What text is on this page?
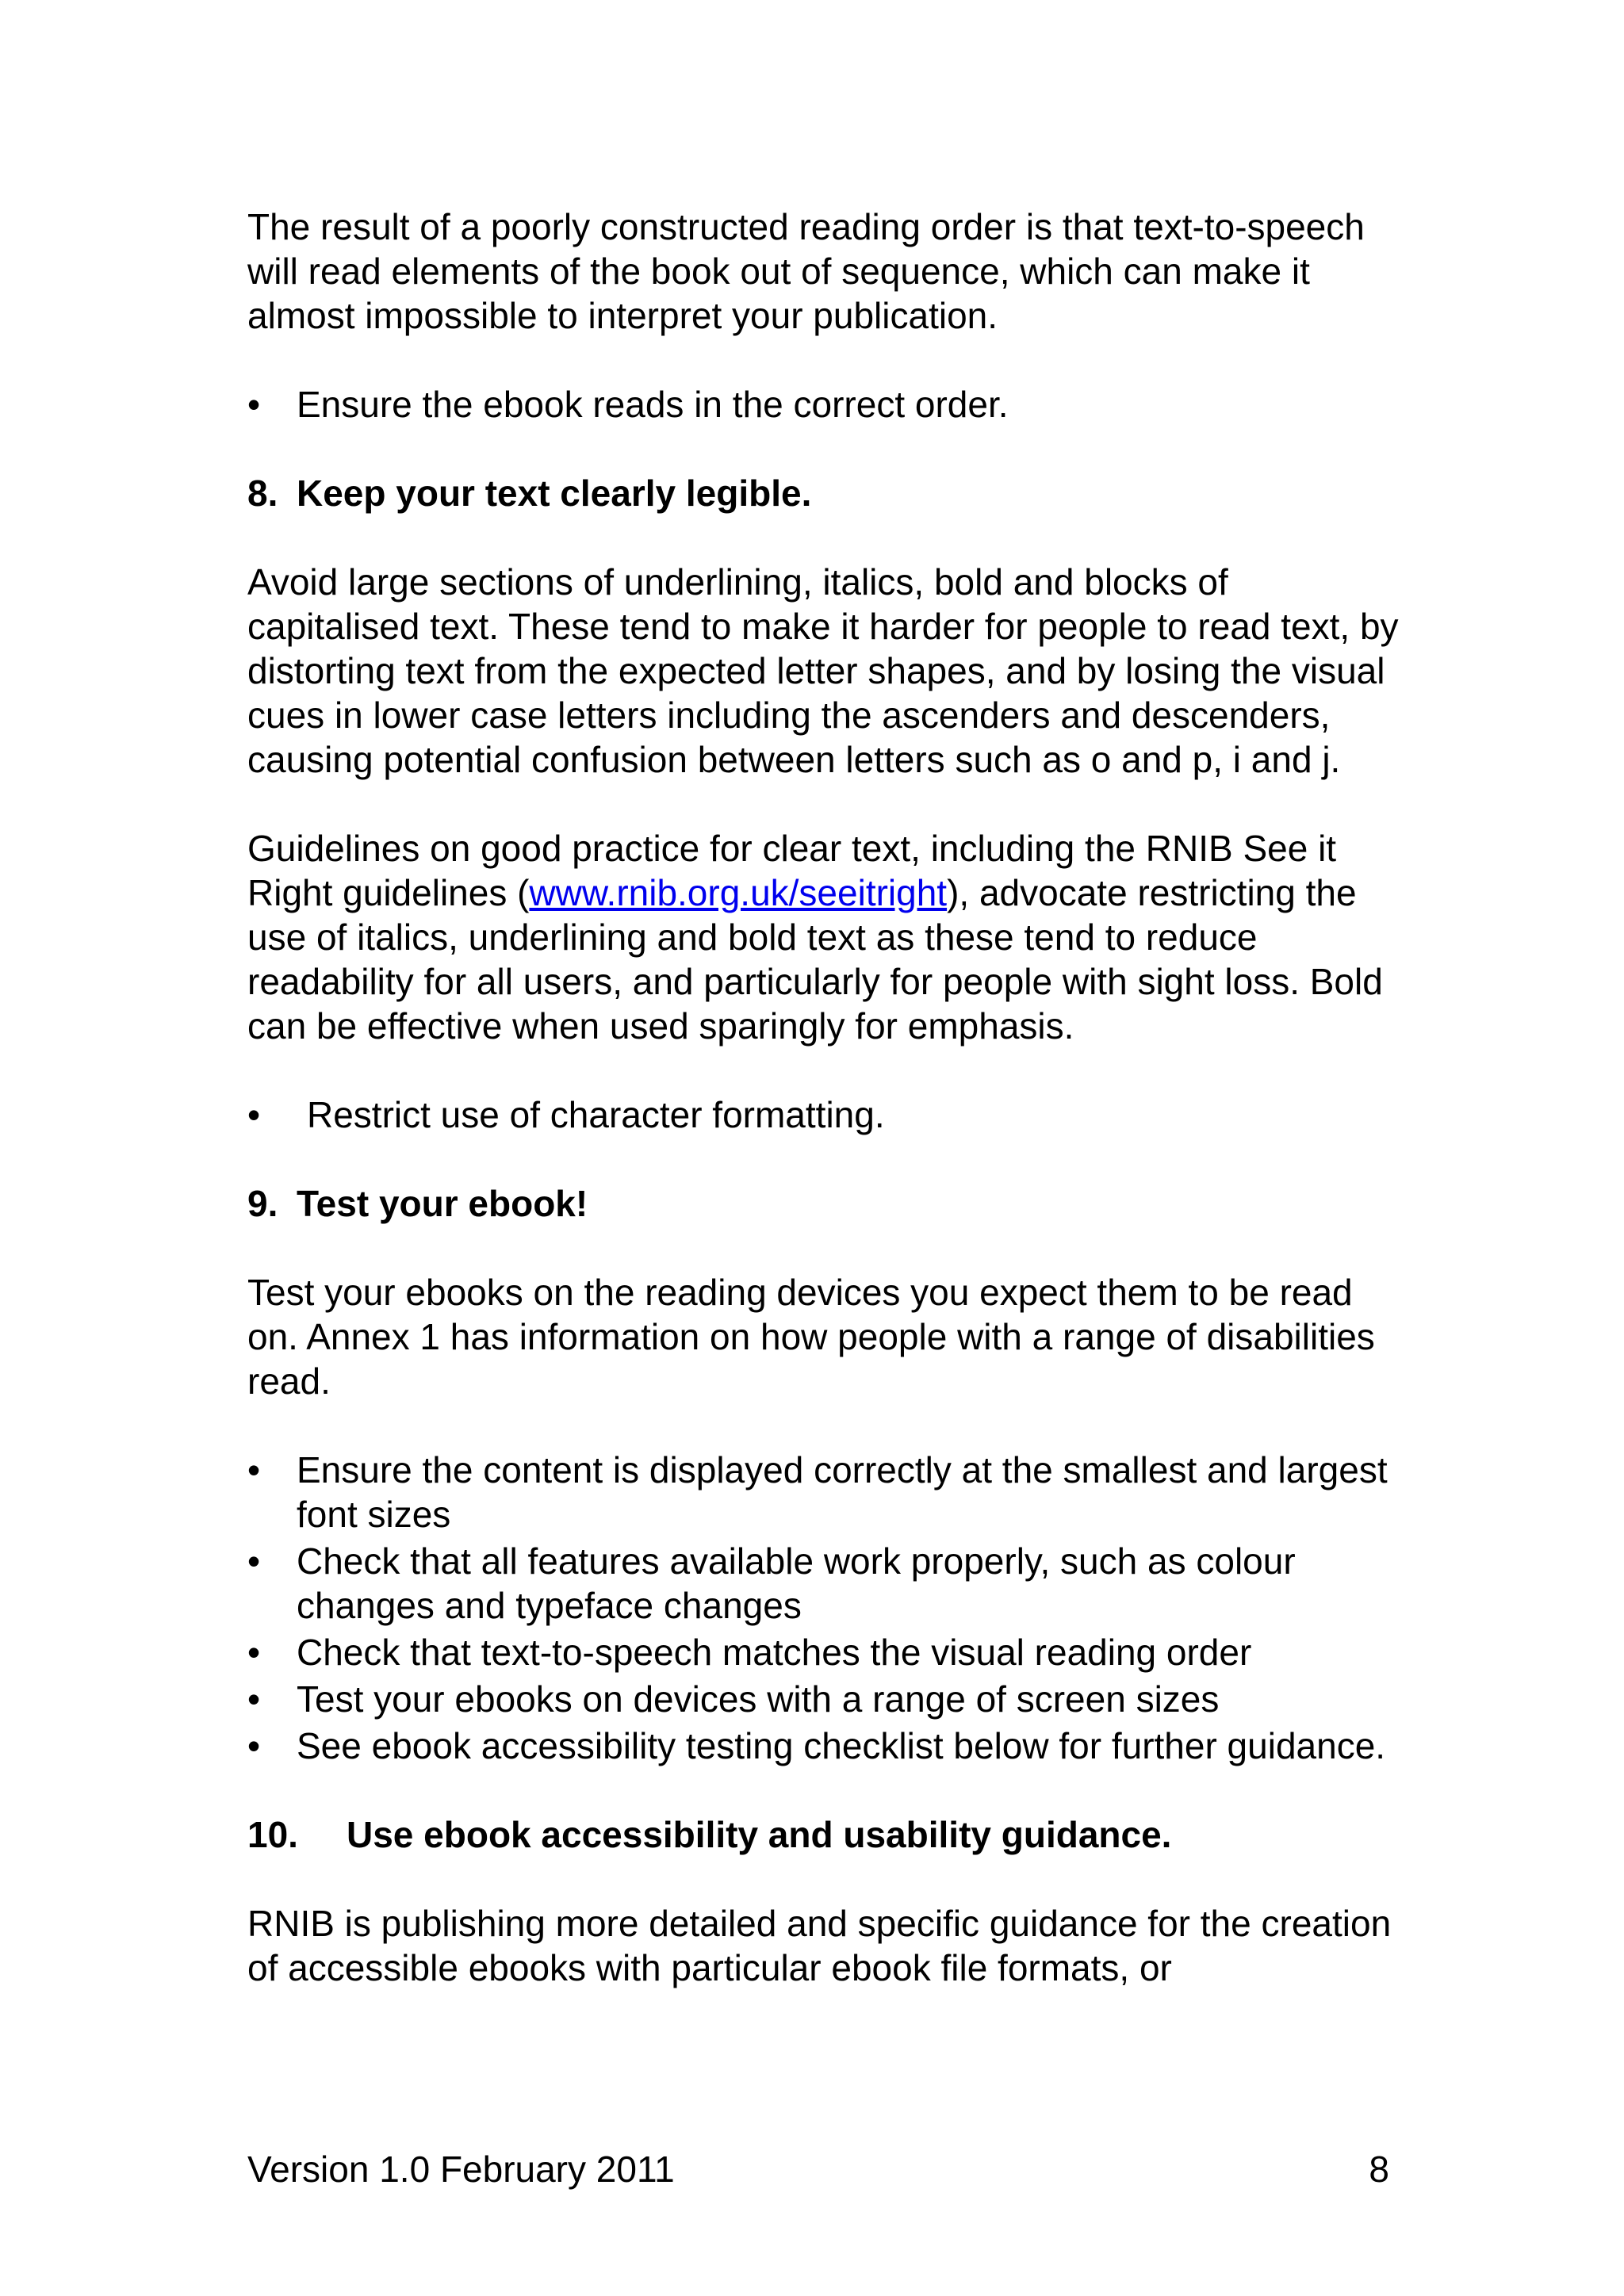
The result of a poorly constructed reading order is that text-to-speech will read elements of the book out of sequence, which can make it almost impossible to interpret your publication.

• Ensure the ebook reads in the correct order.
8. Keep your text clearly legible.

Avoid large sections of underlining, italics, bold and blocks of capitalised text. These tend to make it harder for people to read text, by distorting text from the expected letter shapes, and by losing the visual cues in lower case letters including the ascenders and descenders, causing potential confusion between letters such as o and p, i and j.

Guidelines on good practice for clear text, including the RNIB See it Right guidelines (www.rnib.org.uk/seeitright), advocate restricting the use of italics, underlining and bold text as these tend to reduce readability for all users, and particularly for people with sight loss. Bold can be effective when used sparingly for emphasis.

•	Restrict use of character formatting.
9. Test your ebook!

Test your ebooks on the reading devices you expect them to be read on. Annex 1 has information on how people with a range of disabilities read.

• Ensure the content is displayed correctly at the smallest and largest font sizes
• Check that all features available work properly, such as colour changes and typeface changes
• Check that text-to-speech matches the visual reading order
• Test your ebooks on devices with a range of screen sizes
• See ebook accessibility testing checklist below for further guidance.
10.	Use ebook accessibility and usability guidance.

RNIB is publishing more detailed and specific guidance for the creation of accessible ebooks with particular ebook file formats, or

Version 1.0 February 2011	8
